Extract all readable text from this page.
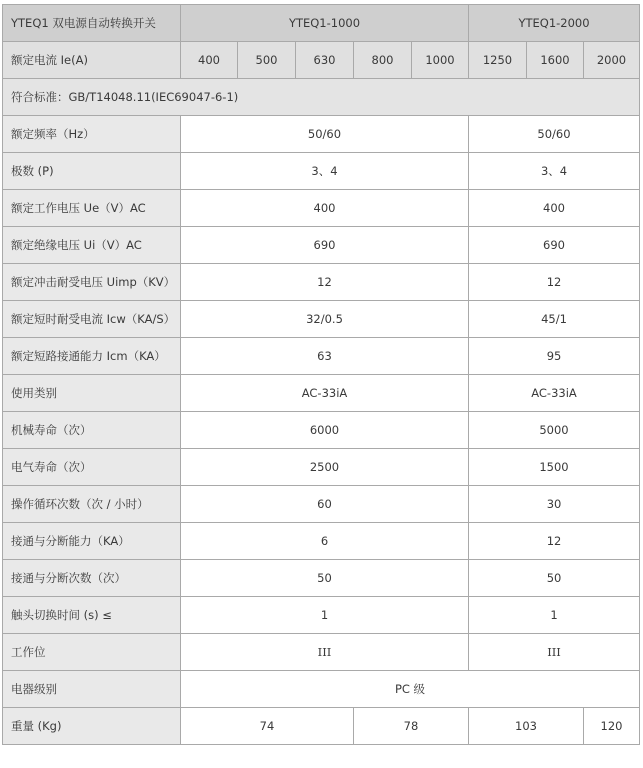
YTEQ1 双电源自动转换开关	YTEQ1-1000					YTEQ1-2000		
额定电流 Ie(A)	400	500	630	800	1000	1250	1600	2000
符合标准：GB/T14048.11(IEC69047-6-1)								
额定频率（Hz）	50/60					50/60		
极数 (P)	3、4					3、4		
额定工作电压 Ue（V）AC	400					400		
额定绝缘电压 Ui（V）AC	690					690		
额定冲击耐受电压 Uimp（KV）	12					12		
额定短时耐受电流 Icw（KA/S）	32/0.5					45/1		
额定短路接通能力 Icm（KA）	63					95		
使用类别	AC-33iA					AC-33iA		
机械寿命（次）	6000					5000		
电气寿命（次）	2500					1500		
操作循环次数（次 / 小时）	60					30		
接通与分断能力（KA）	6					12		
接通与分断次数（次）	50					50		
触头切换时间 (s) ≤	1					1		
工作位	III					III		
电器级别	PC 级							
重量 (Kg)	74			78		103		120
